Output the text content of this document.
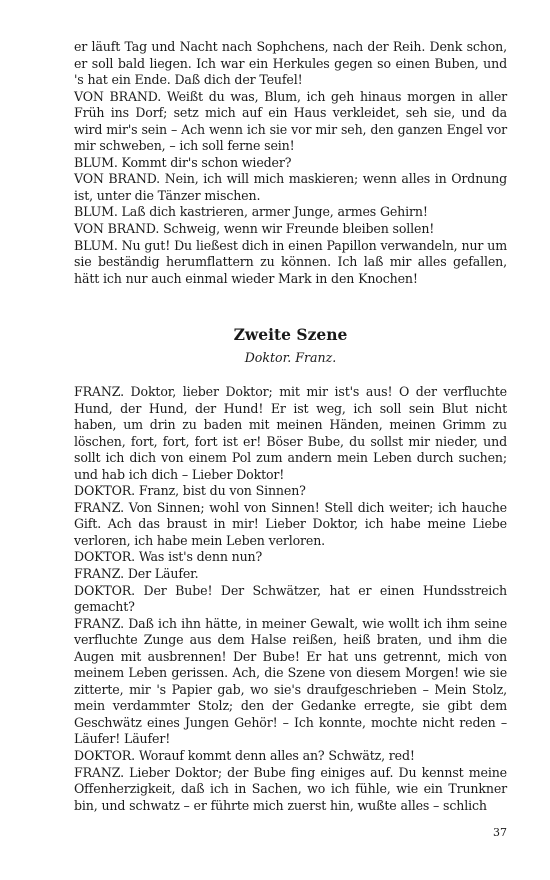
er läuft Tag und Nacht nach Sophchens, nach der Reih. Denk schon, er soll bald liegen. Ich war ein Herkules gegen so einen Buben, und 's hat ein Ende. Daß dich der Teufel!

VON BRAND. Weißt du was, Blum, ich geh hinaus morgen in aller Früh ins Dorf; setz mich auf ein Haus verkleidet, seh sie, und da wird mir's sein – Ach wenn ich sie vor mir seh, den ganzen Engel vor mir schweben, – ich soll ferne sein!

BLUM. Kommt dir's schon wieder?

VON BRAND. Nein, ich will mich maskieren; wenn alles in Ordnung ist, unter die Tänzer mischen.

BLUM. Laß dich kastrieren, armer Junge, armes Gehirn!

VON BRAND. Schweig, wenn wir Freunde bleiben sollen!

BLUM. Nu gut! Du ließest dich in einen Papillon verwandeln, nur um sie beständig herumflattern zu können. Ich laß mir alles gefallen, hätt ich nur auch einmal wieder Mark in den Knochen!

Zweite Szene
Doktor. Franz.

FRANZ. Doktor, lieber Doktor; mit mir ist's aus! O der verfluchte Hund, der Hund, der Hund! Er ist weg, ich soll sein Blut nicht haben, um drin zu baden mit meinen Händen, meinen Grimm zu löschen, fort, fort, fort ist er! Böser Bube, du sollst mir nieder, und sollt ich dich von einem Pol zum andern mein Leben durch suchen; und hab ich dich – Lieber Doktor!

DOKTOR. Franz, bist du von Sinnen?

FRANZ. Von Sinnen; wohl von Sinnen! Stell dich weiter; ich hauche Gift. Ach das braust in mir! Lieber Doktor, ich habe meine Liebe verloren, ich habe mein Leben verloren.

DOKTOR. Was ist's denn nun?

FRANZ. Der Läufer.

DOKTOR. Der Bube! Der Schwätzer, hat er einen Hundsstreich gemacht?

FRANZ. Daß ich ihn hätte, in meiner Gewalt, wie wollt ich ihm seine verfluchte Zunge aus dem Halse reißen, heiß braten, und ihm die Augen mit ausbrennen! Der Bube! Er hat uns getrennt, mich von meinem Leben gerissen. Ach, die Szene von diesem Morgen! wie sie zitterte, mir 's Papier gab, wo sie's draufgeschrieben – Mein Stolz, mein verdammter Stolz; den der Gedanke erregte, sie gibt dem Geschwätz eines Jungen Gehör! – Ich konnte, mochte nicht reden – Läufer! Läufer!

DOKTOR. Worauf kommt denn alles an? Schwätz, red!

FRANZ. Lieber Doktor; der Bube fing einiges auf. Du kennst meine Offenherzigkeit, daß ich in Sachen, wo ich fühle, wie ein Trunkner bin, und schwatz – er führte mich zuerst hin, wußte alles – schlich

37
